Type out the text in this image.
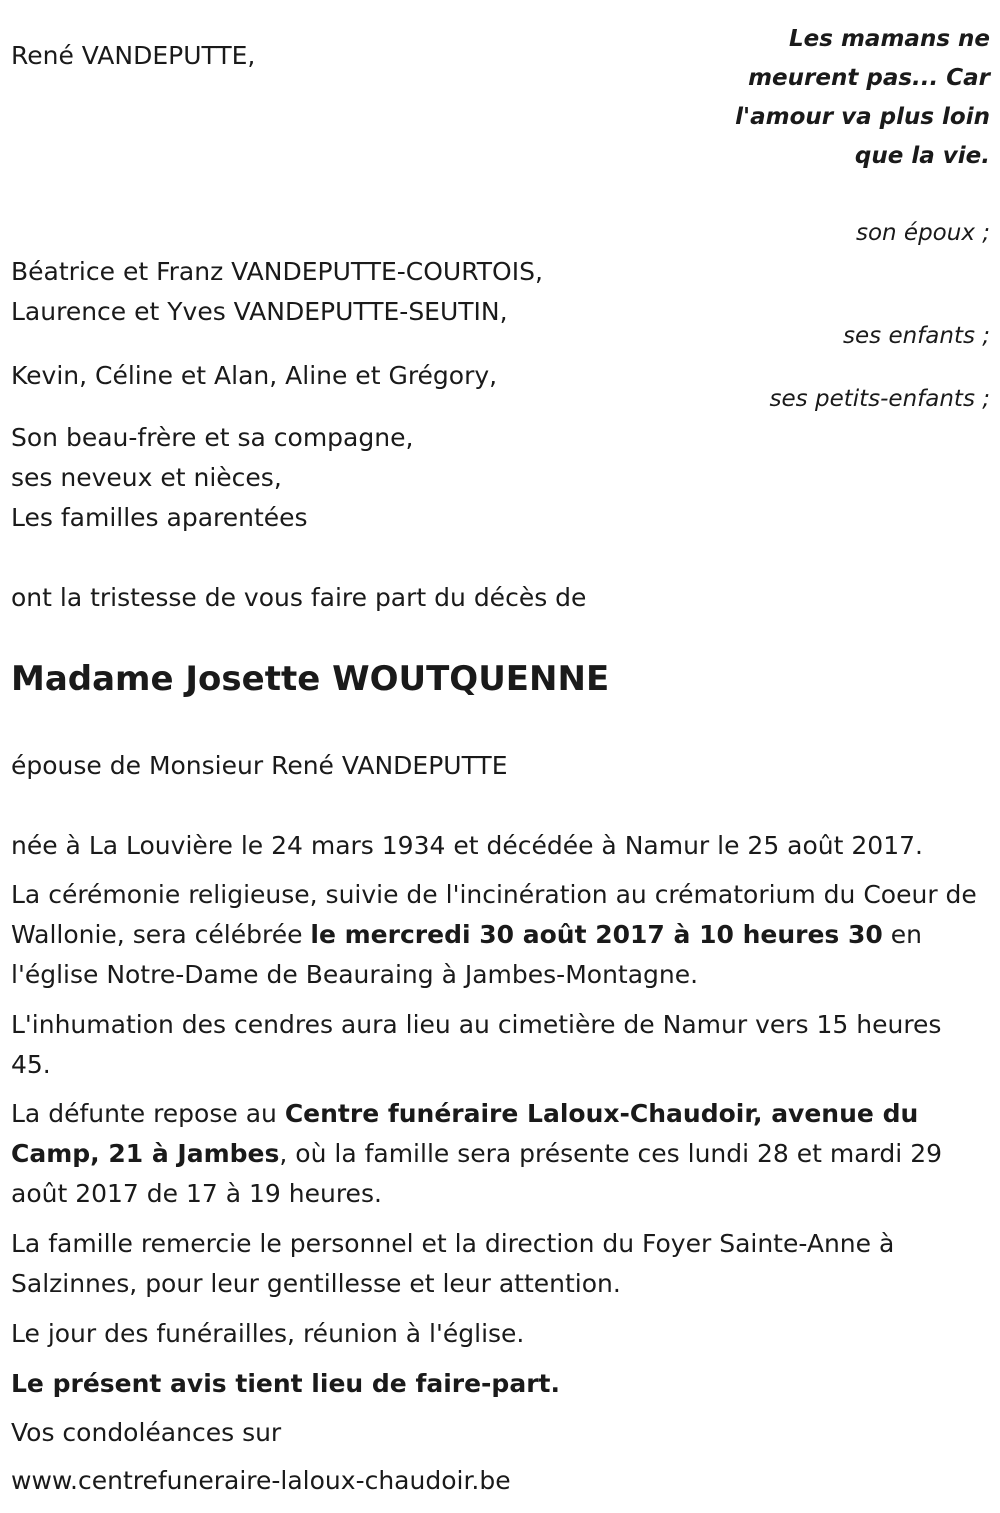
Les mamans ne meurent pas... Car l'amour va plus loin que la vie.

René VANDEPUTTE,

son époux ;

Béatrice et Franz VANDEPUTTE-COURTOIS,

Laurence et Yves VANDEPUTTE-SEUTIN,

ses enfants ;

Kevin, Céline et Alan, Aline et Grégory,

ses petits-enfants ;

Son beau-frère et sa compagne,

ses neveux et nièces,

Les familles aparentées

ont la tristesse de vous faire part du décès de

Madame Josette WOUTQUENNE

épouse de Monsieur René VANDEPUTTE

née à La Louvière le 24 mars 1934 et décédée à Namur le 25 août 2017.

La cérémonie religieuse, suivie de l'incinération au crématorium du Coeur de Wallonie, sera célébrée le mercredi 30 août 2017 à 10 heures 30 en l'église Notre-Dame de Beauraing à Jambes-Montagne.

L'inhumation des cendres aura lieu au cimetière de Namur vers 15 heures 45.

La défunte repose au Centre funéraire Laloux-Chaudoir, avenue du Camp, 21 à Jambes, où la famille sera présente ces lundi 28 et mardi 29 août 2017 de 17 à 19 heures.

La famille remercie le personnel et la direction du Foyer Sainte-Anne à Salzinnes, pour leur gentillesse et leur attention.

Le jour des funérailles, réunion à l'église.

Le présent avis tient lieu de faire-part.

Vos condoléances sur

www.centrefuneraire-laloux-chaudoir.be
